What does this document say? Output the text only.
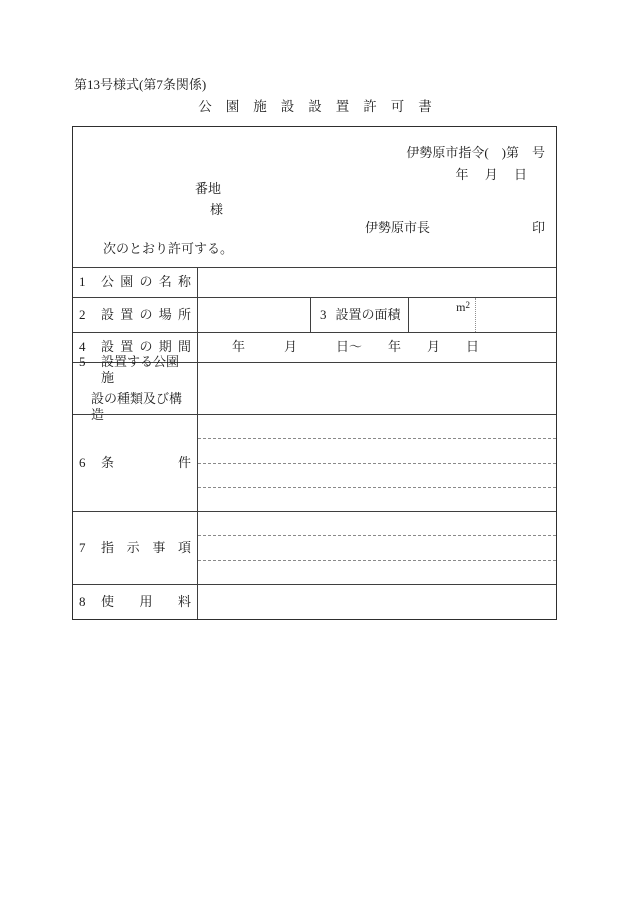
第13号様式(第7条関係)
公園施設設置許可書
伊勢原市指令(　)第　号
年　 月　 日
番地
様
伊勢原市長	印
次のとおり許可する。
1	公 園 の 名 称
2	設 置 の 場 所	3 設置の面積	$m^2$
4	設 置 の 期 間	年　　　月　　　日～　　年　　月　　日
5	設置する公園施
設の種類及び構造
6	条 件
7	指 示 事 項
8	使 用 料
